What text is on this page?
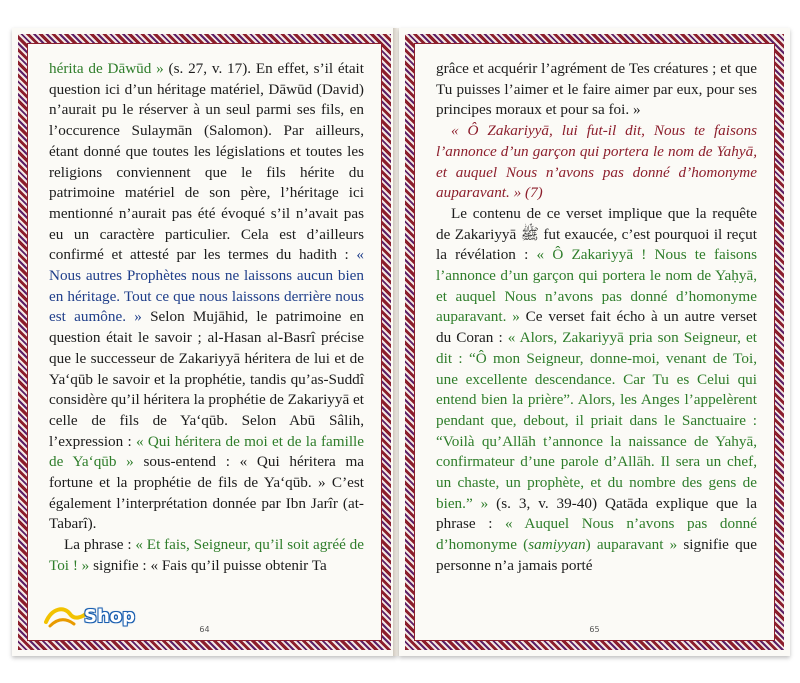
hérita de Dāwūd » (s. 27, v. 17). En effet, s’il était question ici d’un héritage matériel, Dāwūd (David) n’aurait pu le réserver à un seul parmi ses fils, en l’occurence Sulaymān (Salomon). Par ailleurs, étant donné que toutes les législations et toutes les religions conviennent que le fils hérite du patrimoine matériel de son père, l’héritage ici mentionné n’aurait pas été évoqué s’il n’avait pas eu un caractère particulier. Cela est d’ailleurs confirmé et attesté par les termes du hadith : « Nous autres Prophètes nous ne laissons aucun bien en héritage. Tout ce que nous laissons derrière nous est aumône. » Selon Mujāhid, le patrimoine en question était le savoir ; al-Hasan al-Basrî précise que le successeur de Zakariyyā hériterа de lui et de Ya‘qūb le savoir et la prophétie, tandis qu’as-Suddî considère qu’il hériterа la prophétie de Zakariyyā et celle de fils de Ya‘qūb. Selon Abū Sâlih, l’expression : « Qui hériterа de moi et de la famille de Ya‘qūb » sous-entend : « Qui hériterа ma fortune et la prophétie de fils de Ya‘qūb. » C’est également l’interprétation donnée par Ibn Jarîr (at-Tabarî).

La phrase : « Et fais, Seigneur, qu’il soit agréé de Toi ! » signifie : « Fais qu’il puisse obtenir Ta

64

grâce et acquérir l’agrément de Tes créatures ; et que Tu puisses l’aimer et le faire aimer par eux, pour ses principes moraux et pour sa foi. »

« Ô Zakariyyā, lui fut-il dit, Nous te faisons l’annonce d’un garçon qui portera le nom de Yahyā, et auquel Nous n’avons pas donné d’homonyme auparavant. » (7)

Le contenu de ce verset implique que la requête de Zakariyyā ﷺ fut exaucée, c’est pourquoi il reçut la révélation : « Ô Zakariyyā ! Nous te faisons l’annonce d’un garçon qui portera le nom de Yaḥyā, et auquel Nous n’avons pas donné d’homonyme auparavant. » Ce verset fait écho à un autre verset du Coran : « Alors, Zakariyyā pria son Seigneur, et dit : “Ô mon Seigneur, donne-moi, venant de Toi, une excellente descendance. Car Tu es Celui qui entend bien la prière”. Alors, les Anges l’appelèrent pendant que, debout, il priait dans le Sanctuaire : “Voilà qu’Allāh t’annonce la naissance de Yahyā, confirmateur d’une parole d’Allāh. Il sera un chef, un chaste, un prophète, et du nombre des gens de bien.” » (s. 3, v. 39-40) Qatāda explique que la phrase : « Auquel Nous n’avons pas donné d’homonyme (samiyyan) auparavant » signifie que personne n’a jamais porté

65
Shop
